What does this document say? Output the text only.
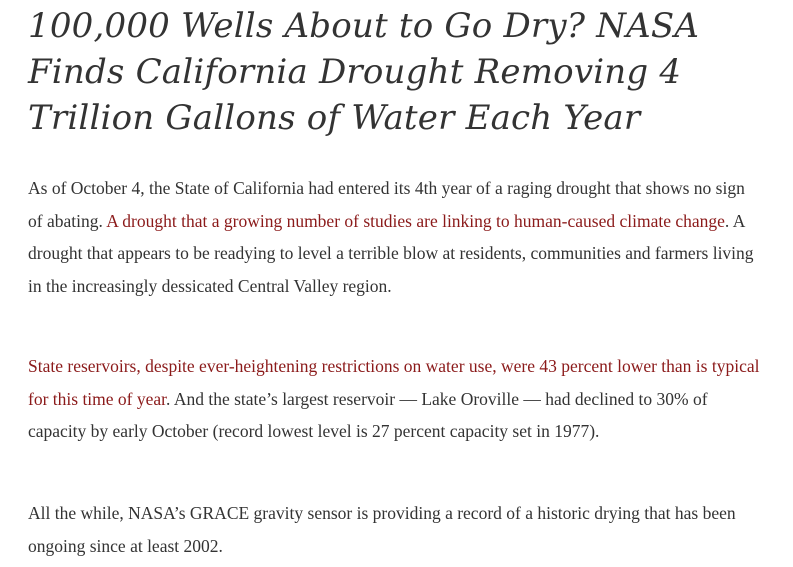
100,000 Wells About to Go Dry? NASA Finds California Drought Removing 4 Trillion Gallons of Water Each Year

As of October 4, the State of California had entered its 4th year of a raging drought that shows no sign of abating. A drought that a growing number of studies are linking to human-caused climate change. A drought that appears to be readying to level a terrible blow at residents, communities and farmers living in the increasingly dessicated Central Valley region.

State reservoirs, despite ever-heightening restrictions on water use, were 43 percent lower than is typical for this time of year. And the state’s largest reservoir — Lake Oroville — had declined to 30% of capacity by early October (record lowest level is 27 percent capacity set in 1977).

All the while, NASA’s GRACE gravity sensor is providing a record of a historic drying that has been ongoing since at least 2002.
